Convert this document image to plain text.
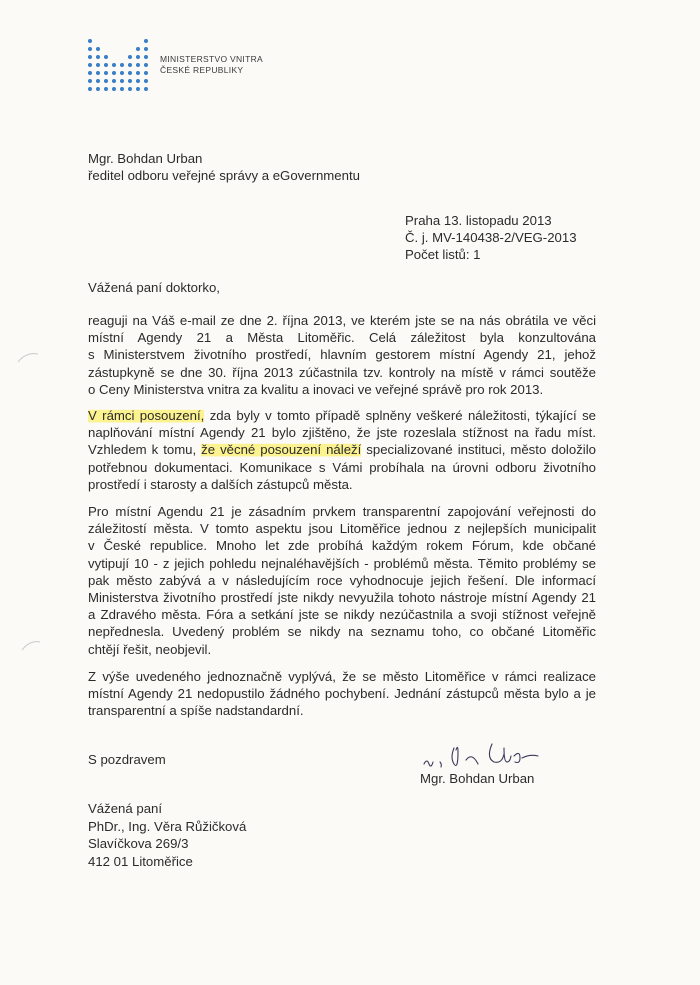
MINISTERSTVO VNITRA
ČESKÉ REPUBLIKY
Mgr. Bohdan Urban
ředitel odboru veřejné správy a eGovernmentu
Praha 13. listopadu 2013
Č. j. MV-140438-2/VEG-2013
Počet listů: 1
Vážená paní doktorko,
reaguji na Váš e-mail ze dne 2. října 2013, ve kterém jste se na nás obrátila ve věci
místní Agendy 21 a Města Litoměřic. Celá záležitost byla konzultována
s Ministerstvem životního prostředí, hlavním gestorem místní Agendy 21, jehož
zástupkyně se dne 30. října 2013 zúčastnila tzv. kontroly na místě v rámci soutěže
o Ceny Ministerstva vnitra za kvalitu a inovaci ve veřejné správě pro rok 2013.
V rámci posouzení, zda byly v tomto případě splněny veškeré náležitosti, týkající se
naplňování místní Agendy 21 bylo zjištěno, že jste rozeslala stížnost na řadu míst.
Vzhledem k tomu, že věcné posouzení náleží specializované instituci, město doložilo
potřebnou dokumentaci. Komunikace s Vámi probíhala na úrovni odboru životního
prostředí i starosty a dalších zástupců města.
Pro místní Agendu 21 je zásadním prvkem transparentní zapojování veřejnosti do
záležitostí města. V tomto aspektu jsou Litoměřice jednou z nejlepších municipalit
v České republice. Mnoho let zde probíhá každým rokem Fórum, kde občané
vytipují 10 - z jejich pohledu nejnaléhavějších - problémů města. Těmito problémy se
pak město zabývá a v následujícím roce vyhodnocuje jejich řešení. Dle informací
Ministerstva životního prostředí jste nikdy nevyužila tohoto nástroje místní Agendy 21
a Zdravého města. Fóra a setkání jste se nikdy nezúčastnila a svoji stížnost veřejně
nepřednesla. Uvedený problém se nikdy na seznamu toho, co občané Litoměřic
chtějí řešit, neobjevil.
Z výše uvedeného jednoznačně vyplývá, že se město Litoměřice v rámci realizace
místní Agendy 21 nedopustilo žádného pochybení. Jednání zástupců města bylo a je
transparentní a spíše nadstandardní.
S pozdravem
Mgr. Bohdan Urban
Vážená paní
PhDr., Ing. Věra Růžičková
Slavíčkova 269/3
412 01 Litoměřice
